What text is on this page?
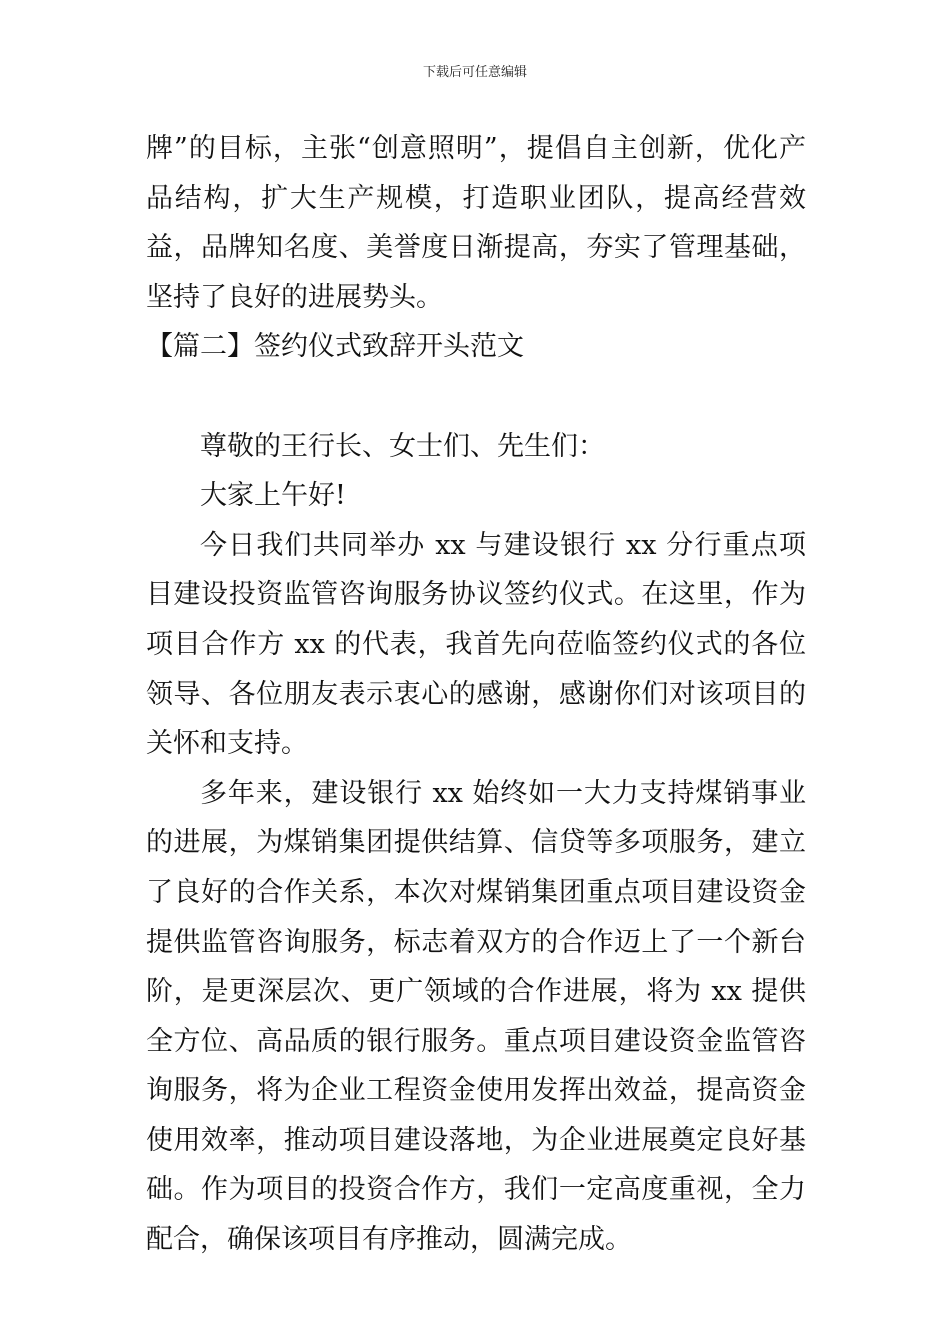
下载后可任意编辑

牌”的目标，主张“创意照明”，提倡自主创新，优化产品结构，扩大生产规模，打造职业团队，提高经营效益，品牌知名度、美誉度日渐提高，夯实了管理基础，坚持了良好的进展势头。

【篇二】签约仪式致辞开头范文

尊敬的王行长、女士们、先生们：

大家上午好!

今日我们共同举办 xx 与建设银行 xx 分行重点项目建设投资监管咨询服务协议签约仪式。在这里，作为项目合作方 xx 的代表，我首先向莅临签约仪式的各位领导、各位朋友表示衷心的感谢，感谢你们对该项目的关怀和支持。

多年来，建设银行 xx 始终如一大力支持煤销事业的进展，为煤销集团提供结算、信贷等多项服务，建立了良好的合作关系，本次对煤销集团重点项目建设资金提供监管咨询服务，标志着双方的合作迈上了一个新台阶，是更深层次、更广领域的合作进展，将为 xx 提供全方位、高品质的银行服务。重点项目建设资金监管咨询服务，将为企业工程资金使用发挥出效益，提高资金使用效率，推动项目建设落地，为企业进展奠定良好基础。作为项目的投资合作方，我们一定高度重视，全力配合，确保该项目有序推动，圆满完成。
